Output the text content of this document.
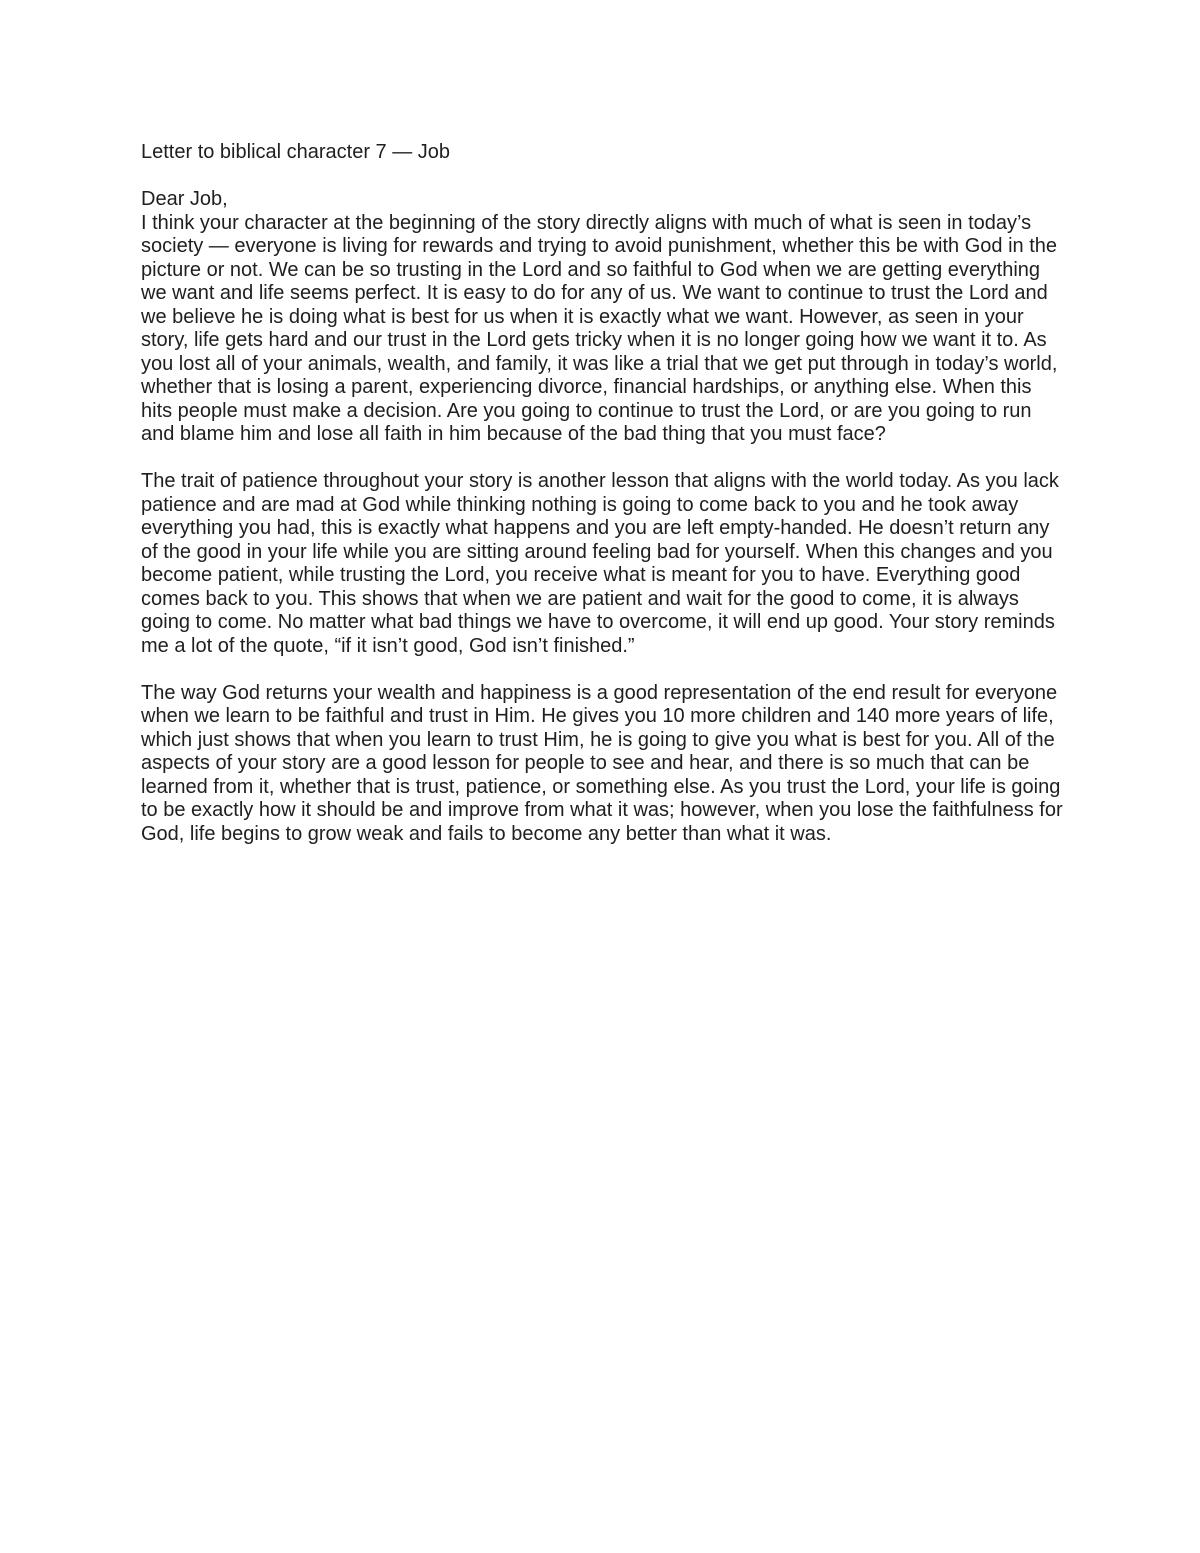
Letter to biblical character 7 — Job

Dear Job,

I think your character at the beginning of the story directly aligns with much of what is seen in today’s society — everyone is living for rewards and trying to avoid punishment, whether this be with God in the picture or not. We can be so trusting in the Lord and so faithful to God when we are getting everything we want and life seems perfect. It is easy to do for any of us. We want to continue to trust the Lord and we believe he is doing what is best for us when it is exactly what we want. However, as seen in your story, life gets hard and our trust in the Lord gets tricky when it is no longer going how we want it to. As you lost all of your animals, wealth, and family, it was like a trial that we get put through in today’s world, whether that is losing a parent, experiencing divorce, financial hardships, or anything else. When this hits people must make a decision. Are you going to continue to trust the Lord, or are you going to run and blame him and lose all faith in him because of the bad thing that you must face?

The trait of patience throughout your story is another lesson that aligns with the world today. As you lack patience and are mad at God while thinking nothing is going to come back to you and he took away everything you had, this is exactly what happens and you are left empty-handed. He doesn’t return any of the good in your life while you are sitting around feeling bad for yourself. When this changes and you become patient, while trusting the Lord, you receive what is meant for you to have. Everything good comes back to you. This shows that when we are patient and wait for the good to come, it is always going to come. No matter what bad things we have to overcome, it will end up good. Your story reminds me a lot of the quote, “if it isn’t good, God isn’t finished.”

The way God returns your wealth and happiness is a good representation of the end result for everyone when we learn to be faithful and trust in Him. He gives you 10 more children and 140 more years of life, which just shows that when you learn to trust Him, he is going to give you what is best for you. All of the aspects of your story are a good lesson for people to see and hear, and there is so much that can be learned from it, whether that is trust, patience, or something else. As you trust the Lord, your life is going to be exactly how it should be and improve from what it was; however, when you lose the faithfulness for God, life begins to grow weak and fails to become any better than what it was.
